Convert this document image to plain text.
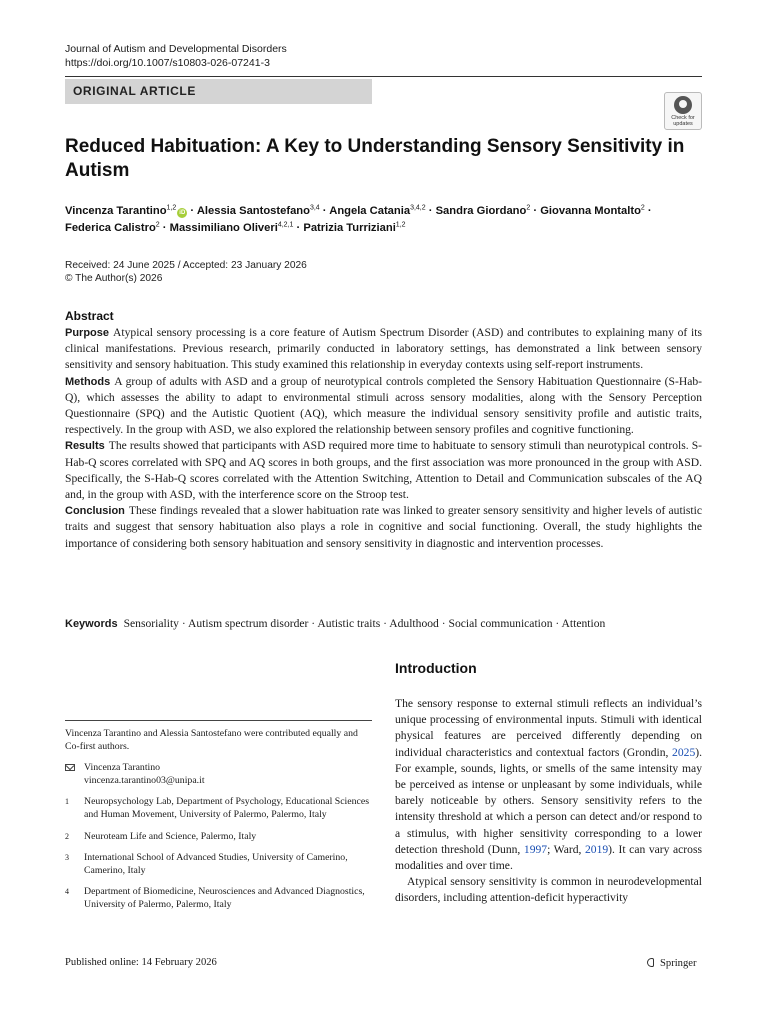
Journal of Autism and Developmental Disorders
https://doi.org/10.1007/s10803-026-07241-3
ORIGINAL ARTICLE
Check for
updates
Reduced Habituation: A Key to Understanding Sensory Sensitivity in Autism
Vincenza Tarantino$^{1,2}$iD · Alessia Santostefano$^{3,4}$ · Angela Catania$^{3,4,2}$ · Sandra Giordano$^2$ · Giovanna Montalto$^2$ ·
Federica Calistro$^2$ · Massimiliano Oliveri$^{4,2,1}$ · Patrizia Turriziani$^{1,2}$
Received: 24 June 2025 / Accepted: 23 January 2026
© The Author(s) 2026
Abstract

Purpose Atypical sensory processing is a core feature of Autism Spectrum Disorder (ASD) and contributes to explaining many of its clinical manifestations. Previous research, primarily conducted in laboratory settings, has demonstrated a link between sensory sensitivity and sensory habituation. This study examined this relationship in everyday contexts using self-report instruments.

Methods A group of adults with ASD and a group of neurotypical controls completed the Sensory Habituation Questionnaire (S-Hab-Q), which assesses the ability to adapt to environmental stimuli across sensory modalities, along with the Sensory Perception Questionnaire (SPQ) and the Autistic Quotient (AQ), which measure the individual sensory sensitivity profile and autistic traits, respectively. In the group with ASD, we also explored the relationship between sensory profiles and cognitive functioning.

Results The results showed that participants with ASD required more time to habituate to sensory stimuli than neurotypical controls. S-Hab-Q scores correlated with SPQ and AQ scores in both groups, and the first association was more pronounced in the group with ASD. Specifically, the S-Hab-Q scores correlated with the Attention Switching, Attention to Detail and Communication subscales of the AQ and, in the group with ASD, with the interference score on the Stroop test.

Conclusion These findings revealed that a slower habituation rate was linked to greater sensory sensitivity and higher levels of autistic traits and suggest that sensory habituation also plays a role in cognitive and social functioning. Overall, the study highlights the importance of considering both sensory habituation and sensory sensitivity in diagnostic and intervention processes.

Keywords Sensoriality · Autism spectrum disorder · Autistic traits · Adulthood · Social communication · Attention

Vincenza Tarantino and Alessia Santostefano were contributed equally and Co-first authors.

Vincenza Tarantino
vincenza.tarantino03@unipa.it
1	Neuropsychology Lab, Department of Psychology, Educational Sciences and Human Movement, University of Palermo, Palermo, Italy
2	Neuroteam Life and Science, Palermo, Italy
3	International School of Advanced Studies, University of Camerino, Camerino, Italy
4	Department of Biomedicine, Neurosciences and Advanced Diagnostics, University of Palermo, Palermo, Italy
Introduction

The sensory response to external stimuli reflects an individual’s unique processing of environmental inputs. Stimuli with identical physical features are perceived differently depending on individual characteristics and contextual factors (Grondin, 2025). For example, sounds, lights, or smells of the same intensity may be perceived as intense or unpleasant by some individuals, while barely noticeable by others. Sensory sensitivity refers to the intensity threshold at which a person can detect and/or respond to a stimulus, with higher sensitivity corresponding to a lower detection threshold (Dunn, 1997; Ward, 2019). It can vary across modalities and over time.

Atypical sensory sensitivity is common in neurodevelopmental disorders, including attention-deficit hyperactivity

Published online: 14 February 2026	Springer
